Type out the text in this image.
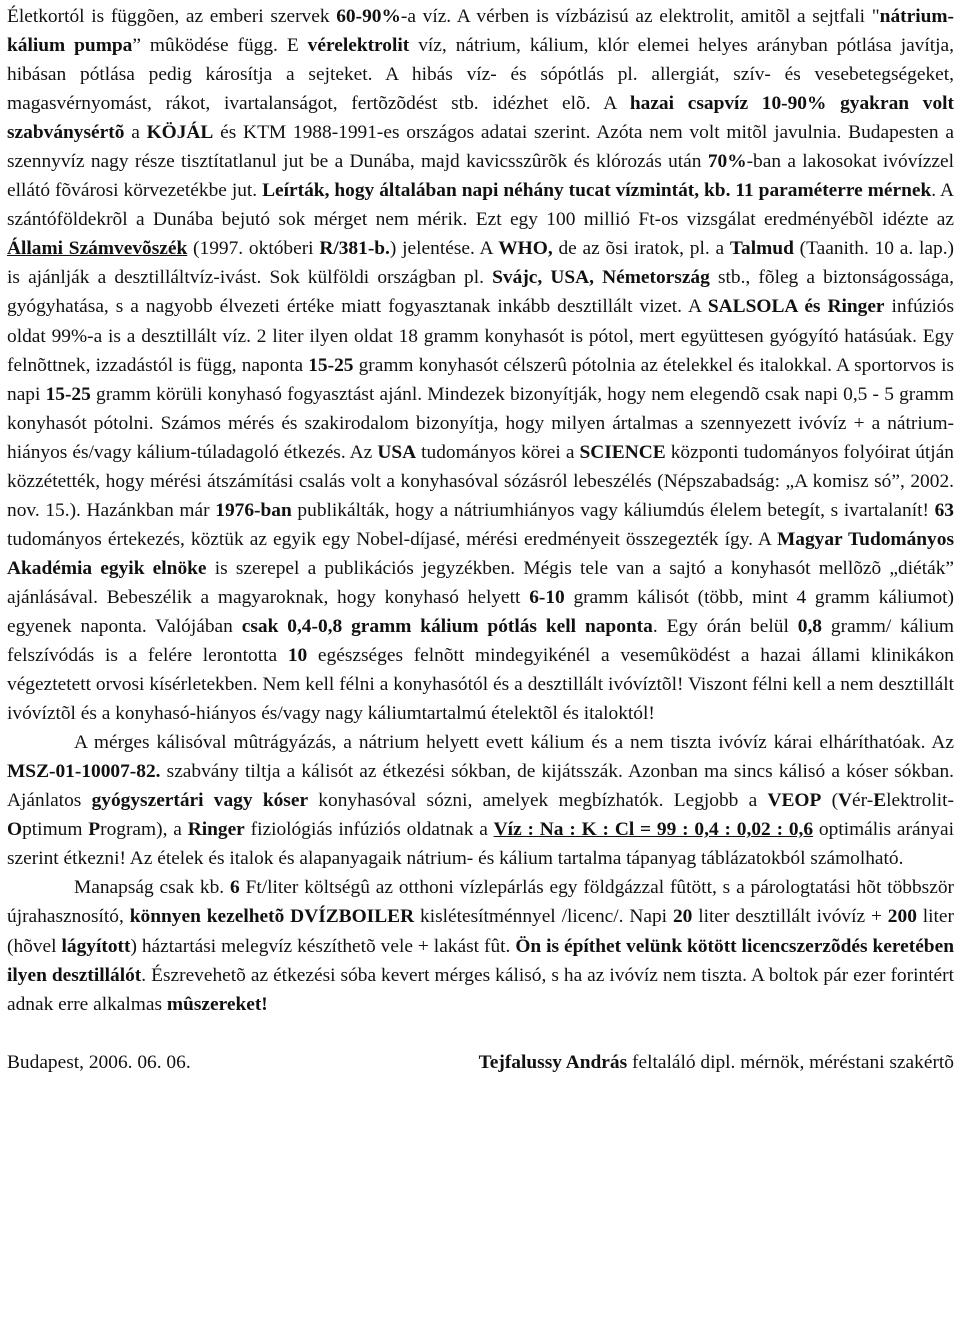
Életkortól is függõen, az emberi szervek 60-90%-a víz. A vérben is vízbázisú az elektrolit, amitõl a sejtfali "nátrium-kálium pumpa” mûködése függ. E vérelektrolit víz, nátrium, kálium, klór elemei helyes arányban pótlása javítja, hibásan pótlása pedig károsítja a sejteket. A hibás víz- és sópótlás pl. allergiát, szív- és vesebetegségeket, magasvérnyomást, rákot, ivartalanságot, fertõzõdést stb. idézhet elõ. A hazai csapvíz 10-90% gyakran volt szabványsértõ a KÖJÁL és KTM 1988-1991-es országos adatai szerint. Azóta nem volt mitõl javulnia. Budapesten a szennyvíz nagy része tisztítatlanul jut be a Dunába, majd kavicsszûrõk és klórozás után 70%-ban a lakosokat ivóvízzel ellátó fõvárosi körvezetékbe jut. Leírták, hogy általában napi néhány tucat vízmintát, kb. 11 paraméterre mérnek. A szántóföldekrõl a Dunába bejutó sok mérget nem mérik. Ezt egy 100 millió Ft-os vizsgálat eredményébõl idézte az Állami Számvevõszék (1997. októberi R/381-b.) jelentése. A WHO, de az õsi iratok, pl. a Talmud (Taanith. 10 a. lap.) is ajánlják a desztilláltvíz-ivást. Sok külföldi országban pl. Svájc, USA, Németország stb., fõleg a biztonságossága, gyógyhatása, s a nagyobb élvezeti értéke miatt fogyasztanak inkább desztillált vizet. A SALSOLA és Ringer infúziós oldat 99%-a is a desztillált víz. 2 liter ilyen oldat 18 gramm konyhasót is pótol, mert együttesen gyógyító hatásúak. Egy felnõttnek, izzadástól is függ, naponta 15-25 gramm konyhasót célszerû pótolnia az ételekkel és italokkal. A sportorvos is napi 15-25 gramm körüli konyhasó fogyasztást ajánl. Mindezek bizonyítják, hogy nem elegendõ csak napi 0,5 - 5 gramm konyhasót pótolni. Számos mérés és szakirodalom bizonyítja, hogy milyen ártalmas a szennyezett ivóvíz + a nátrium-hiányos és/vagy kálium-túladagoló étkezés. Az USA tudományos körei a SCIENCE központi tudományos folyóirat útján közzétették, hogy mérési átszámítási csalás volt a konyhasóval sózásról lebeszélés (Népszabadság: „A komisz só”, 2002. nov. 15.). Hazánkban már 1976-ban publikálták, hogy a nátriumhiányos vagy káliumdús élelem betegít, s ivartalanít! 63 tudományos értekezés, köztük az egyik egy Nobel-díjasé, mérési eredményeit összegezték így. A Magyar Tudományos Akadémia egyik elnöke is szerepel a publikációs jegyzékben. Mégis tele van a sajtó a konyhasót mellõzõ „diéták” ajánlásával. Bebeszélik a magyaroknak, hogy konyhasó helyett 6-10 gramm kálisót (több, mint 4 gramm káliumot) egyenek naponta. Valójában csak 0,4-0,8 gramm kálium pótlás kell naponta. Egy órán belül 0,8 gramm/ kálium felszívódás is a felére lerontotta 10 egészséges felnõtt mindegyikénél a vesemûködést a hazai állami klinikákon végeztetett orvosi kísérletekben. Nem kell félni a konyhasótól és a desztillált ivóvíztõl! Viszont félni kell a nem desztillált ivóvíztõl és a konyhasó-hiányos és/vagy nagy káliumtartalmú ételektõl és italoktól!

A mérges kálisóval mûtrágyázás, a nátrium helyett evett kálium és a nem tiszta ivóvíz kárai elháríthatóak. Az MSZ-01-10007-82. szabvány tiltja a kálisót az étkezési sókban, de kijátsszák. Azonban ma sincs kálisó a kóser sókban. Ajánlatos gyógyszertári vagy kóser konyhasóval sózni, amelyek megbízhatók. Legjobb a VEOP (Vér-Elektrolit-Optimum Program), a Ringer fiziológiás infúziós oldatnak a Víz : Na : K : Cl = 99 : 0,4 : 0,02 : 0,6 optimális arányai szerint étkezni! Az ételek és italok és alapanyagaik nátrium- és kálium tartalma tápanyag táblázatokból számolható.

Manapság csak kb. 6 Ft/liter költségû az otthoni vízlepárlás egy földgázzal fûtött, s a párologtatási hõt többször újrahasznosító, könnyen kezelhetõ DVÍZBOILER kislétesítménnyel /licenc/. Napi 20 liter desztillált ivóvíz + 200 liter (hõvel lágyított) háztartási melegvíz készíthetõ vele + lakást fût. Ön is építhet velünk kötött licencszerzõdés keretében ilyen desztillálót. Észrevehetõ az étkezési sóba kevert mérges kálisó, s ha az ivóvíz nem tiszta. A boltok pár ezer forintért adnak erre alkalmas mûszereket!

Budapest, 2006. 06. 06.	Tejfalussy András feltaláló dipl. mérnök, méréstani szakértõ
